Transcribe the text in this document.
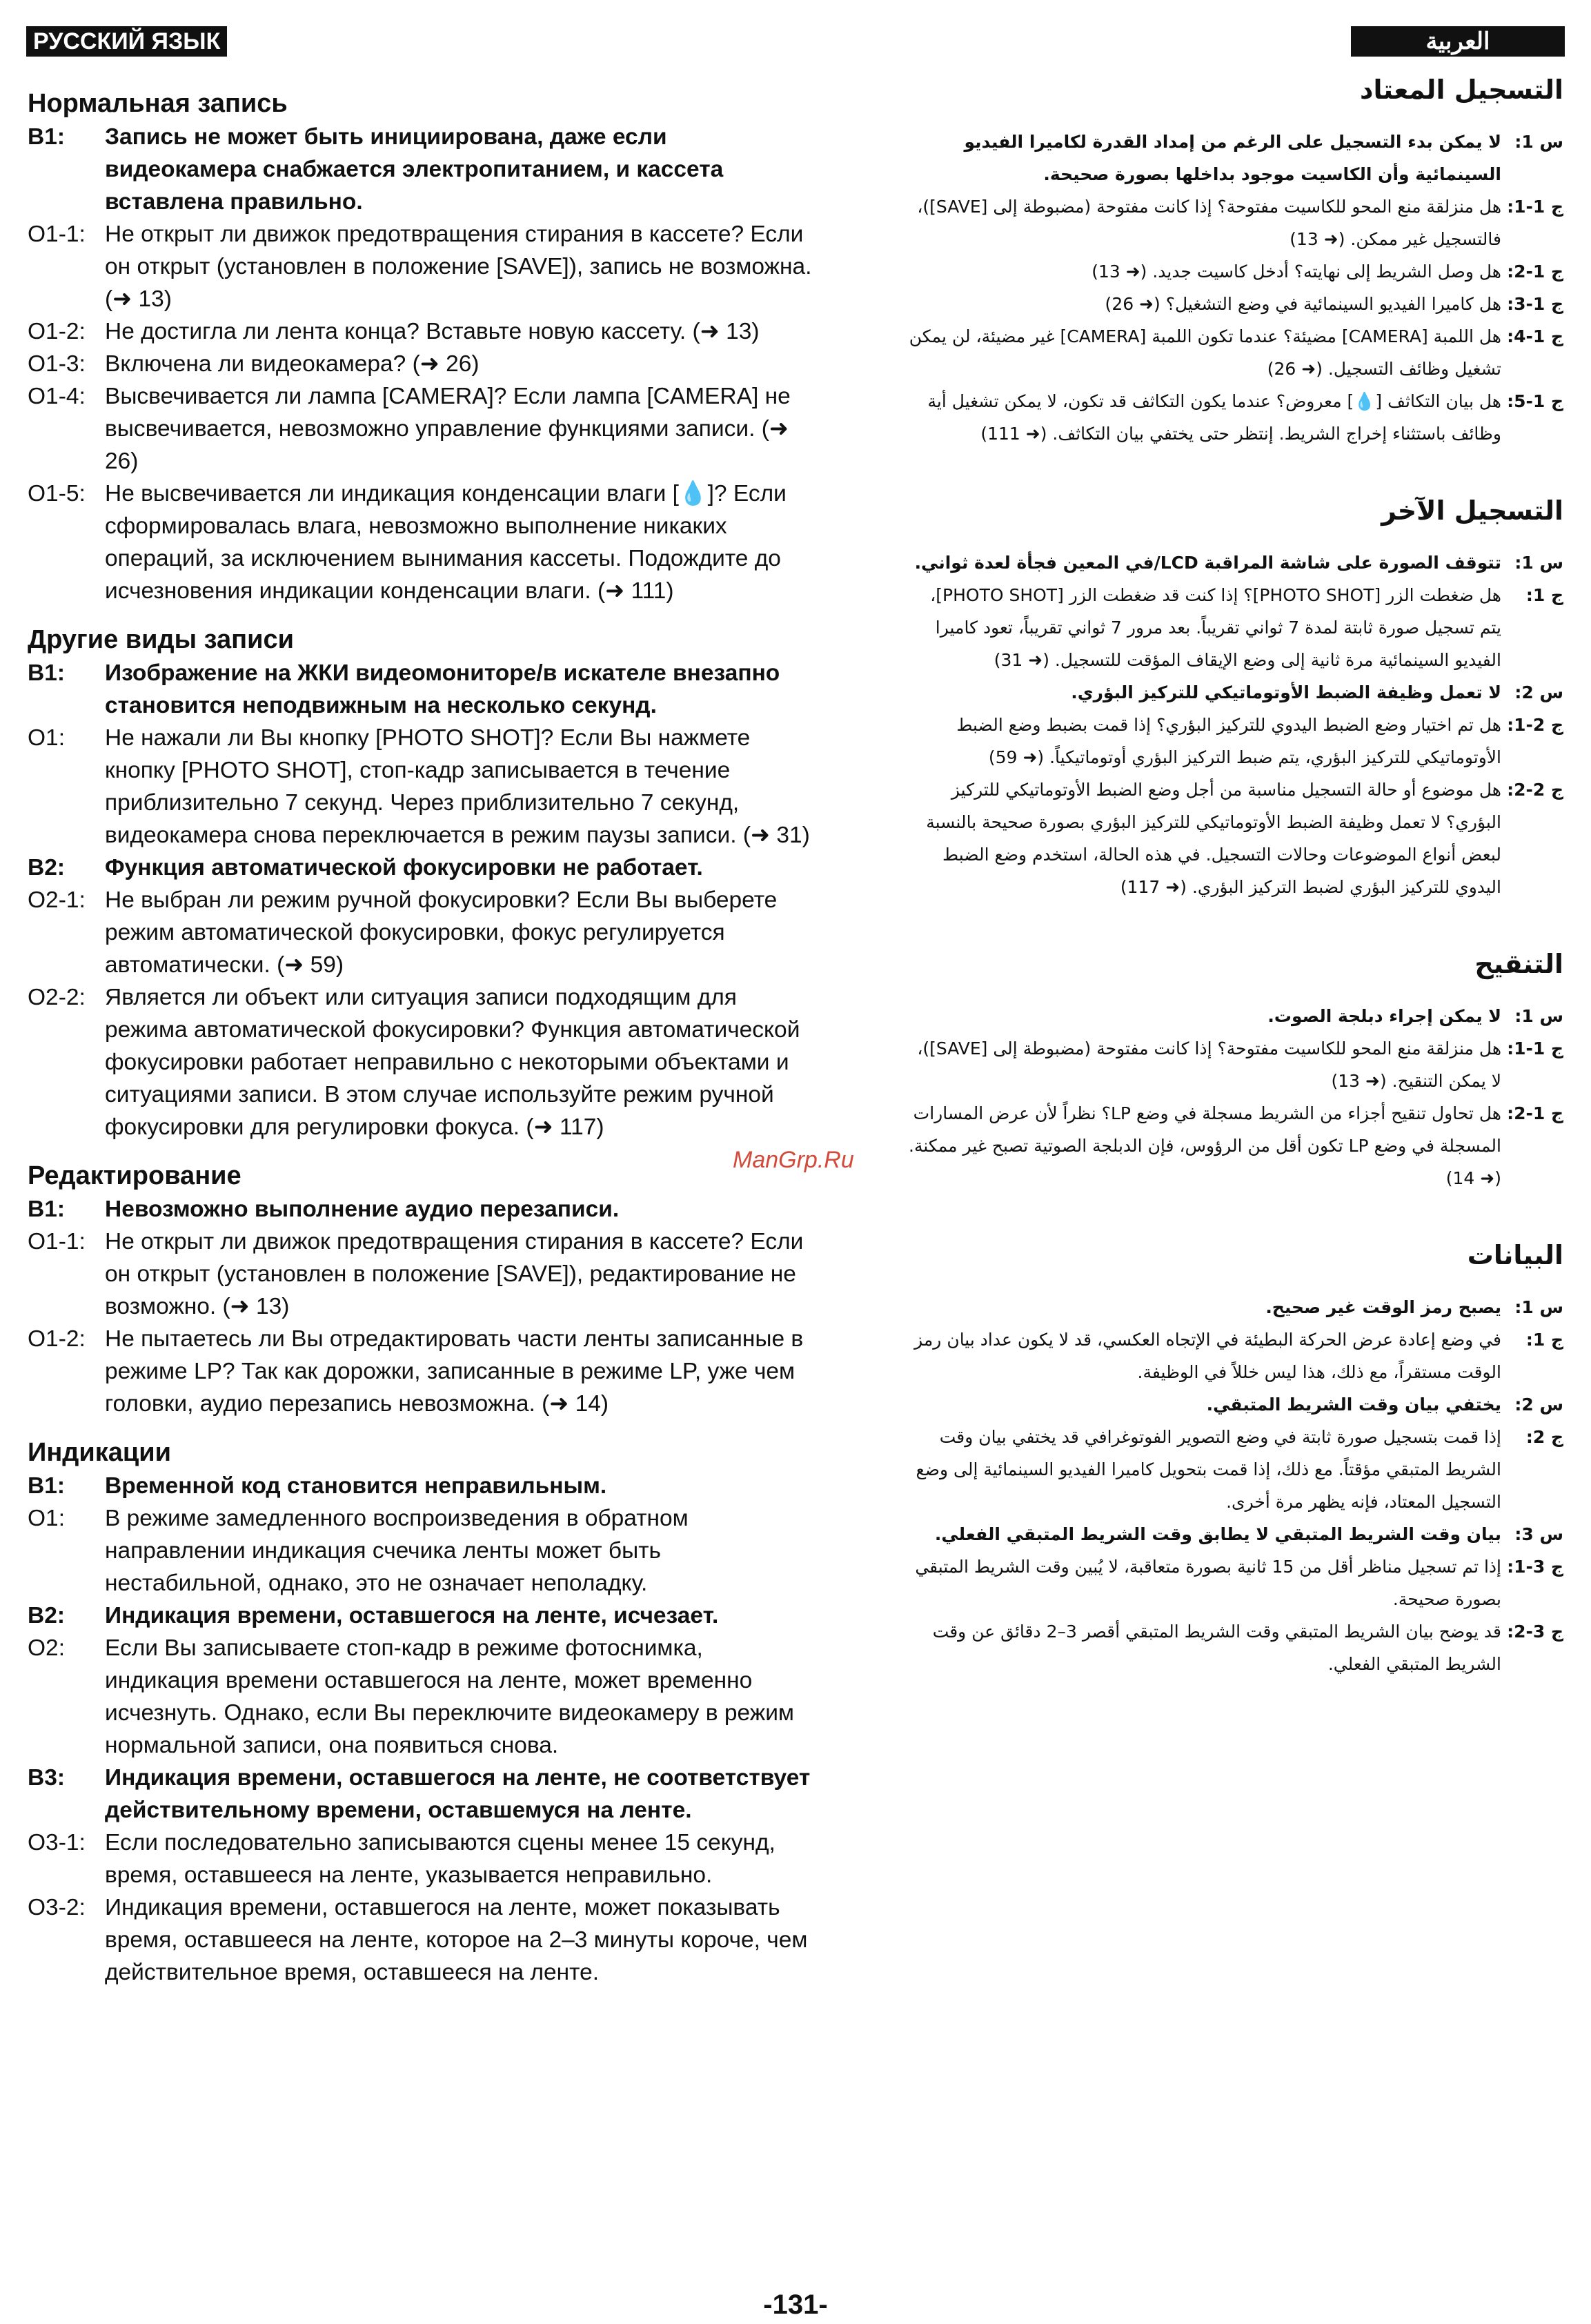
РУССКИЙ ЯЗЫК	العربية
Нормальная запись
В1:	Запись не может быть инициирована, даже если видеокамера снабжается электропитанием, и кассета вставлена правильно.
О1-1: Не открыт ли движок предотвращения стирания в кассете? Если он открыт (установлен в положение [SAVE]), запись не возможна. (➜ 13)
О1-2: Не достигла ли лента конца? Вставьте новую кассету. (➜ 13)
О1-3: Включена ли видеокамера? (➜ 26)
О1-4: Высвечивается ли лампа [CAMERA]? Если лампа [CAMERA] не высвечивается, невозможно управление функциями записи. (➜ 26)
О1-5: Не высвечивается ли индикация конденсации влаги [💧]? Если сформировалась влага, невозможно выполнение никаких операций, за исключением вынимания кассеты. Подождите до исчезновения индикации конденсации влаги. (➜ 111)
Другие виды записи
В1:	Изображение на ЖКИ видеомониторе/в искателе внезапно становится неподвижным на несколько секунд.
О1:	Не нажали ли Вы кнопку [PHOTO SHOT]? Если Вы нажмете кнопку [PHOTO SHOT], стоп-кадр записывается в течение приблизительно 7 секунд. Через приблизительно 7 секунд, видеокамера снова переключается в режим паузы записи. (➜ 31)
В2:	Функция автоматической фокусировки не работает.
О2-1: Не выбран ли режим ручной фокусировки? Если Вы выберете режим автоматической фокусировки, фокус регулируется автоматически. (➜ 59)
О2-2: Является ли объект или ситуация записи подходящим для режима автоматической фокусировки? Функция автоматической фокусировки работает неправильно с некоторыми объектами и ситуациями записи. В этом случае используйте режим ручной фокусировки для регулировки фокуса. (➜ 117)
Редактирование
В1:	Невозможно выполнение аудио перезаписи.
О1-1: Не открыт ли движок предотвращения стирания в кассете? Если он открыт (установлен в положение [SAVE]), редактирование не возможно. (➜ 13)
О1-2: Не пытаетесь ли Вы отредактировать части ленты записанные в режиме LP? Так как дорожки, записанные в режиме LP, уже чем головки, аудио перезапись невозможна. (➜ 14)
Индикации
В1:	Временной код становится неправильным.
О1:	В режиме замедленного воспроизведения в обратном направлении индикация счечика ленты может быть нестабильной, однако, это не означает неполадку.
В2:	Индикация времени, оставшегося на ленте, исчезает.
О2:	Если Вы записываете стоп-кадр в режиме фотоснимка, индикация времени оставшегося на ленте, может временно исчезнуть. Однако, если Вы переключите видеокамеру в режим нормальной записи, она появиться снова.
В3:	Индикация времени, оставшегося на ленте, не соответствует действительному времени, оставшемуся на ленте.
О3-1: Если последовательно записываются сцены менее 15 секунд, время, оставшееся на ленте, указывается неправильно.
О3-2: Индикация времени, оставшегося на ленте, может показывать время, оставшееся на ленте, которое на 2–3 минуты короче, чем действительное время, оставшееся на ленте.
التسجيل المعتاد
س 1:
لا يمكن بدء التسجيل على الرغم من إمداد القدرة لكاميرا الفيديو السينمائية وأن الكاسيت موجود بداخلها بصورة صحيحة.
ج 1-1:
هل منزلقة منع المحو للكاسيت مفتوحة؟ إذا كانت مفتوحة (مضبوطة إلى [SAVE])، فالتسجيل غير ممكن. (➜ 13)
ج 1-2:
هل وصل الشريط إلى نهايته؟ أدخل كاسيت جديد. (➜ 13)
ج 1-3:
هل كاميرا الفيديو السينمائية في وضع التشغيل؟ (➜ 26)
ج 1-4:
هل اللمبة [CAMERA] مضيئة؟ عندما تكون اللمبة [CAMERA] غير مضيئة، لن يمكن تشغيل وظائف التسجيل. (➜ 26)
ج 1-5:
هل بيان التكاثف [💧] معروض؟ عندما يكون التكاثف قد تكون، لا يمكن تشغيل أية وظائف باستثناء إخراج الشريط. إنتظر حتى يختفي بيان التكاثف. (➜ 111)
التسجيل الآخر
س 1:
تتوقف الصورة على شاشة المراقبة LCD/في المعين فجأة لعدة ثواني.
ج 1:
هل ضغطت الزر [PHOTO SHOT]؟ إذا كنت قد ضغطت الزر [PHOTO SHOT]، يتم تسجيل صورة ثابتة لمدة 7 ثواني تقريباً. بعد مرور 7 ثواني تقريباً، تعود كاميرا الفيديو السينمائية مرة ثانية إلى وضع الإيقاف المؤقت للتسجيل. (➜ 31)
س 2:
لا تعمل وظيفة الضبط الأوتوماتيكي للتركيز البؤري.
ج 2-1:
هل تم اختيار وضع الضبط اليدوي للتركيز البؤري؟ إذا قمت بضبط وضع الضبط الأوتوماتيكي للتركيز البؤري، يتم ضبط التركيز البؤري أوتوماتيكياً. (➜ 59)
ج 2-2:
هل موضوع أو حالة التسجيل مناسبة من أجل وضع الضبط الأوتوماتيكي للتركيز البؤري؟ لا تعمل وظيفة الضبط الأوتوماتيكي للتركيز البؤري بصورة صحيحة بالنسبة لبعض أنواع الموضوعات وحالات التسجيل. في هذه الحالة، استخدم وضع الضبط اليدوي للتركيز البؤري لضبط التركيز البؤري. (➜ 117)
التنقيح
س 1:
لا يمكن إجراء دبلجة الصوت.
ج 1-1:
هل منزلقة منع المحو للكاسيت مفتوحة؟ إذا كانت مفتوحة (مضبوطة إلى [SAVE])، لا يمكن التنقيح. (➜ 13)
ج 1-2:
هل تحاول تنقيح أجزاء من الشريط مسجلة في وضع LP؟ نظراً لأن عرض المسارات المسجلة في وضع LP تكون أقل من الرؤوس، فإن الدبلجة الصوتية تصبح غير ممكنة. (➜ 14)
البيانات
س 1:
يصبح رمز الوقت غير صحيح.
ج 1:
في وضع إعادة عرض الحركة البطيئة في الإتجاه العكسي، قد لا يكون عداد بيان رمز الوقت مستقراً، مع ذلك، هذا ليس خللاً في الوظيفة.
س 2:
يختفي بيان وقت الشريط المتبقي.
ج 2:
إذا قمت بتسجيل صورة ثابتة في وضع التصوير الفوتوغرافي قد يختفي بيان وقت الشريط المتبقي مؤقتاً. مع ذلك، إذا قمت بتحويل كاميرا الفيديو السينمائية إلى وضع التسجيل المعتاد، فإنه يظهر مرة أخرى.
س 3:
بيان وقت الشريط المتبقي لا يطابق وقت الشريط المتبقي الفعلي.
ج 3-1:
إذا تم تسجيل مناظر أقل من 15 ثانية بصورة متعاقبة، لا يُبين وقت الشريط المتبقي بصورة صحيحة.
ج 3-2:
قد يوضح بيان الشريط المتبقي وقت الشريط المتبقي أقصر 3–2 دقائق عن وقت الشريط المتبقي الفعلي.
ManGrp.Ru
-131-
